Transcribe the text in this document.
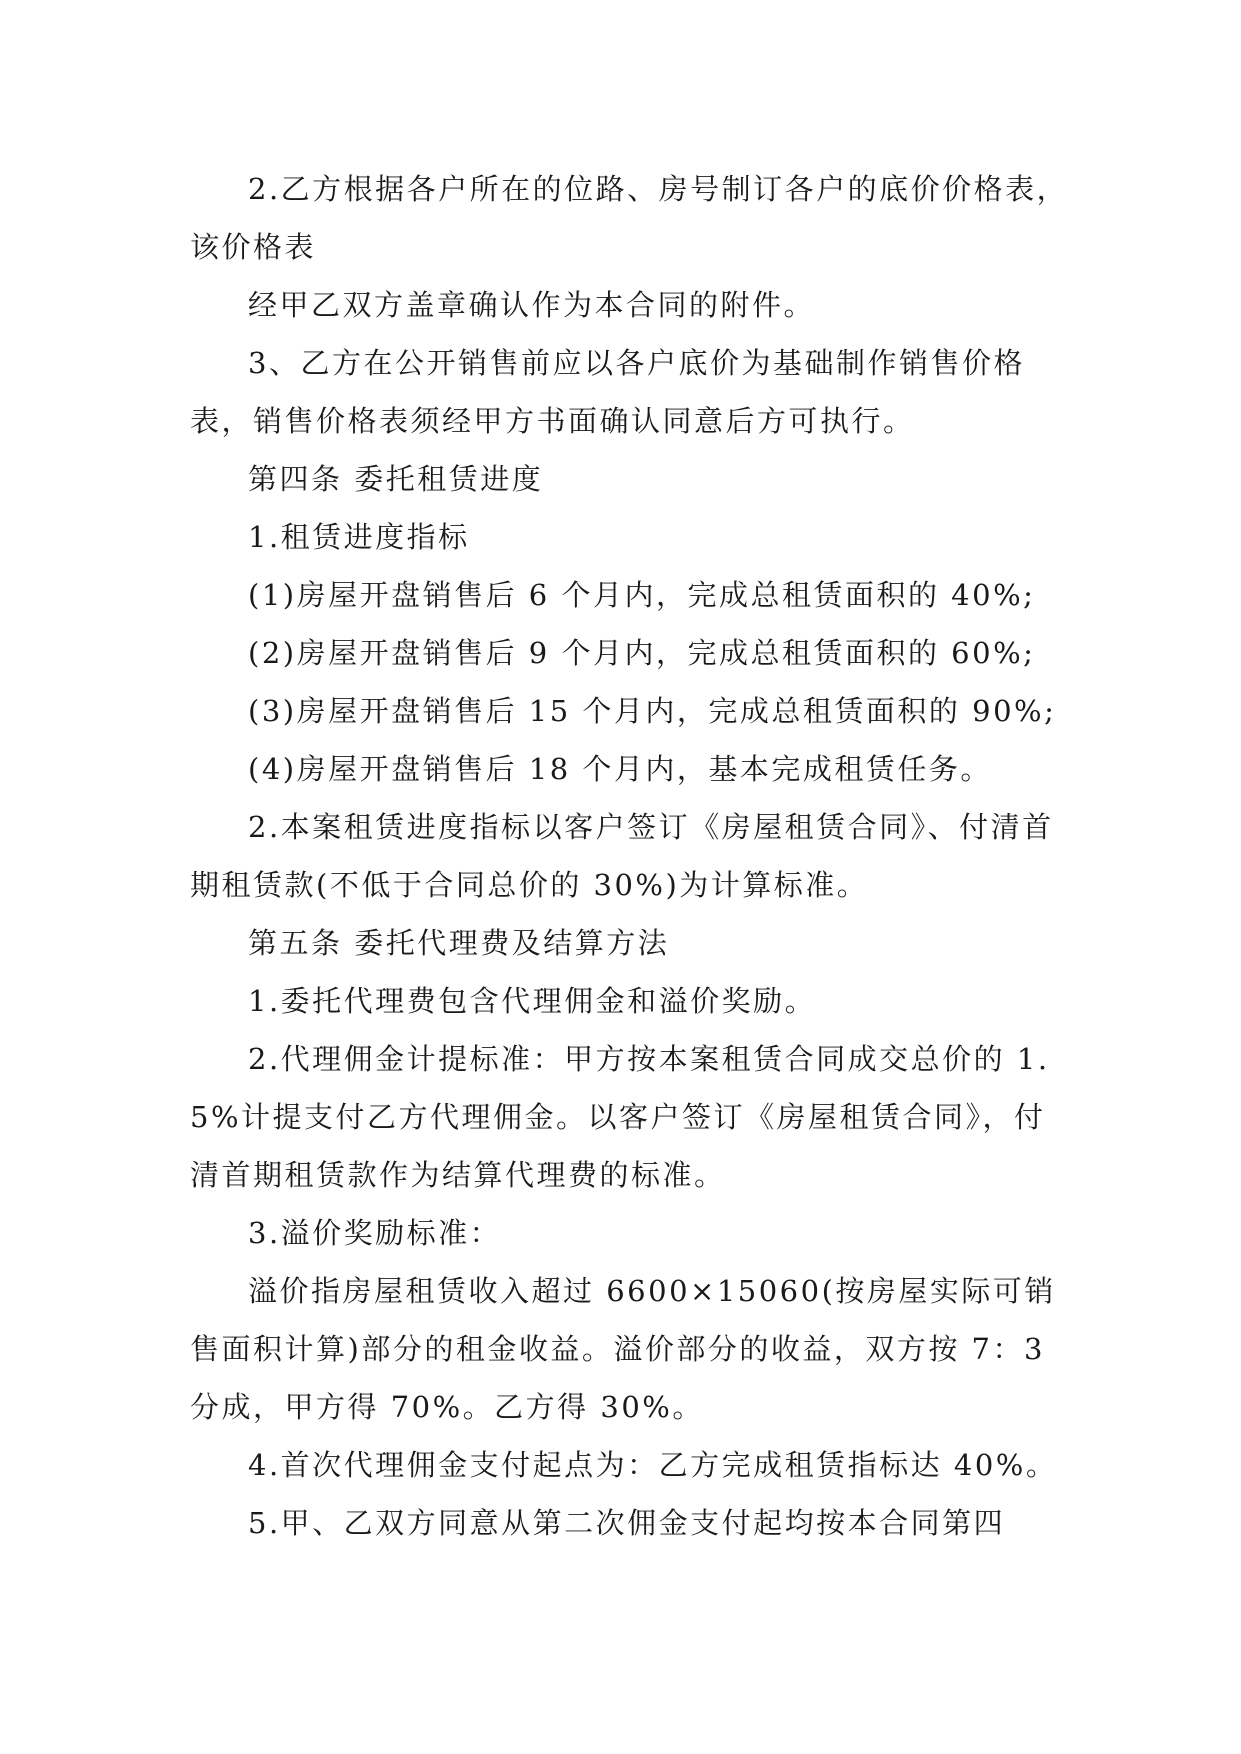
2.乙方根据各户所在的位路、房号制订各户的底价价格表，该价格表

经甲乙双方盖章确认作为本合同的附件。

3、乙方在公开销售前应以各户底价为基础制作销售价格表，销售价格表须经甲方书面确认同意后方可执行。

第四条 委托租赁进度

1.租赁进度指标

(1)房屋开盘销售后 6 个月内，完成总租赁面积的 40%;

(2)房屋开盘销售后 9 个月内，完成总租赁面积的 60%;

(3)房屋开盘销售后 15 个月内，完成总租赁面积的 90%;

(4)房屋开盘销售后 18 个月内，基本完成租赁任务。

2.本案租赁进度指标以客户签订《房屋租赁合同》、付清首期租赁款(不低于合同总价的 30%)为计算标准。

第五条 委托代理费及结算方法

1.委托代理费包含代理佣金和溢价奖励。

2.代理佣金计提标准：甲方按本案租赁合同成交总价的 1.5%计提支付乙方代理佣金。以客户签订《房屋租赁合同》，付清首期租赁款作为结算代理费的标准。

3.溢价奖励标准：

溢价指房屋租赁收入超过 6600×15060(按房屋实际可销售面积计算)部分的租金收益。溢价部分的收益，双方按 7：3 分成，甲方得 70%。乙方得 30%。

4.首次代理佣金支付起点为：乙方完成租赁指标达 40%。

5.甲、乙双方同意从第二次佣金支付起均按本合同第四
